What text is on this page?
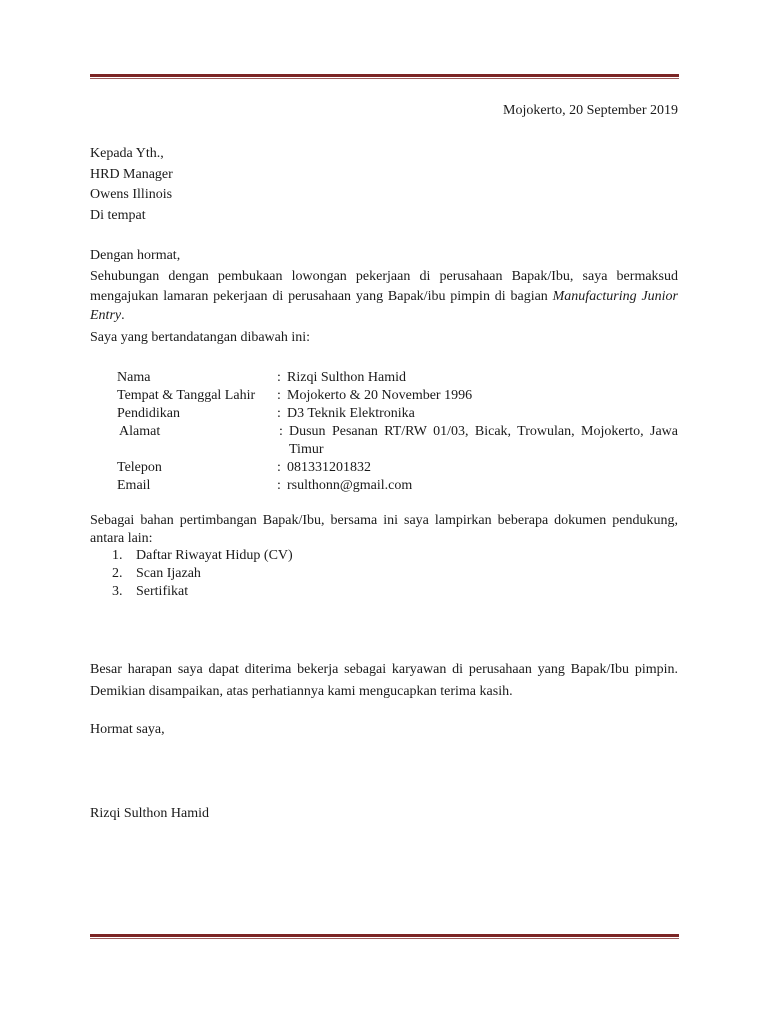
Mojokerto, 20 September 2019
Kepada Yth.,
HRD Manager
Owens Illinois
Di tempat
Dengan hormat,
Sehubungan dengan pembukaan lowongan pekerjaan di perusahaan Bapak/Ibu, saya bermaksud mengajukan lamaran pekerjaan di perusahaan yang Bapak/ibu pimpin di bagian Manufacturing Junior Entry.
Saya yang bertandatangan dibawah ini:
Nama	: Rizqi Sulthon Hamid
Tempat & Tanggal Lahir	: Mojokerto & 20 November 1996
Pendidikan	: D3 Teknik Elektronika
Alamat	: Dusun Pesanan RT/RW 01/03, Bicak, Trowulan, Mojokerto, Jawa Timur
Telepon	: 081331201832
Email	: rsulthonn@gmail.com
Sebagai bahan pertimbangan Bapak/Ibu, bersama ini saya lampirkan beberapa dokumen pendukung, antara lain:
1. Daftar Riwayat Hidup (CV)
2. Scan Ijazah
3. Sertifikat
Besar harapan saya dapat diterima bekerja sebagai karyawan di perusahaan yang Bapak/Ibu pimpin. Demikian disampaikan, atas perhatiannya kami mengucapkan terima kasih.
Hormat saya,
Rizqi Sulthon Hamid
